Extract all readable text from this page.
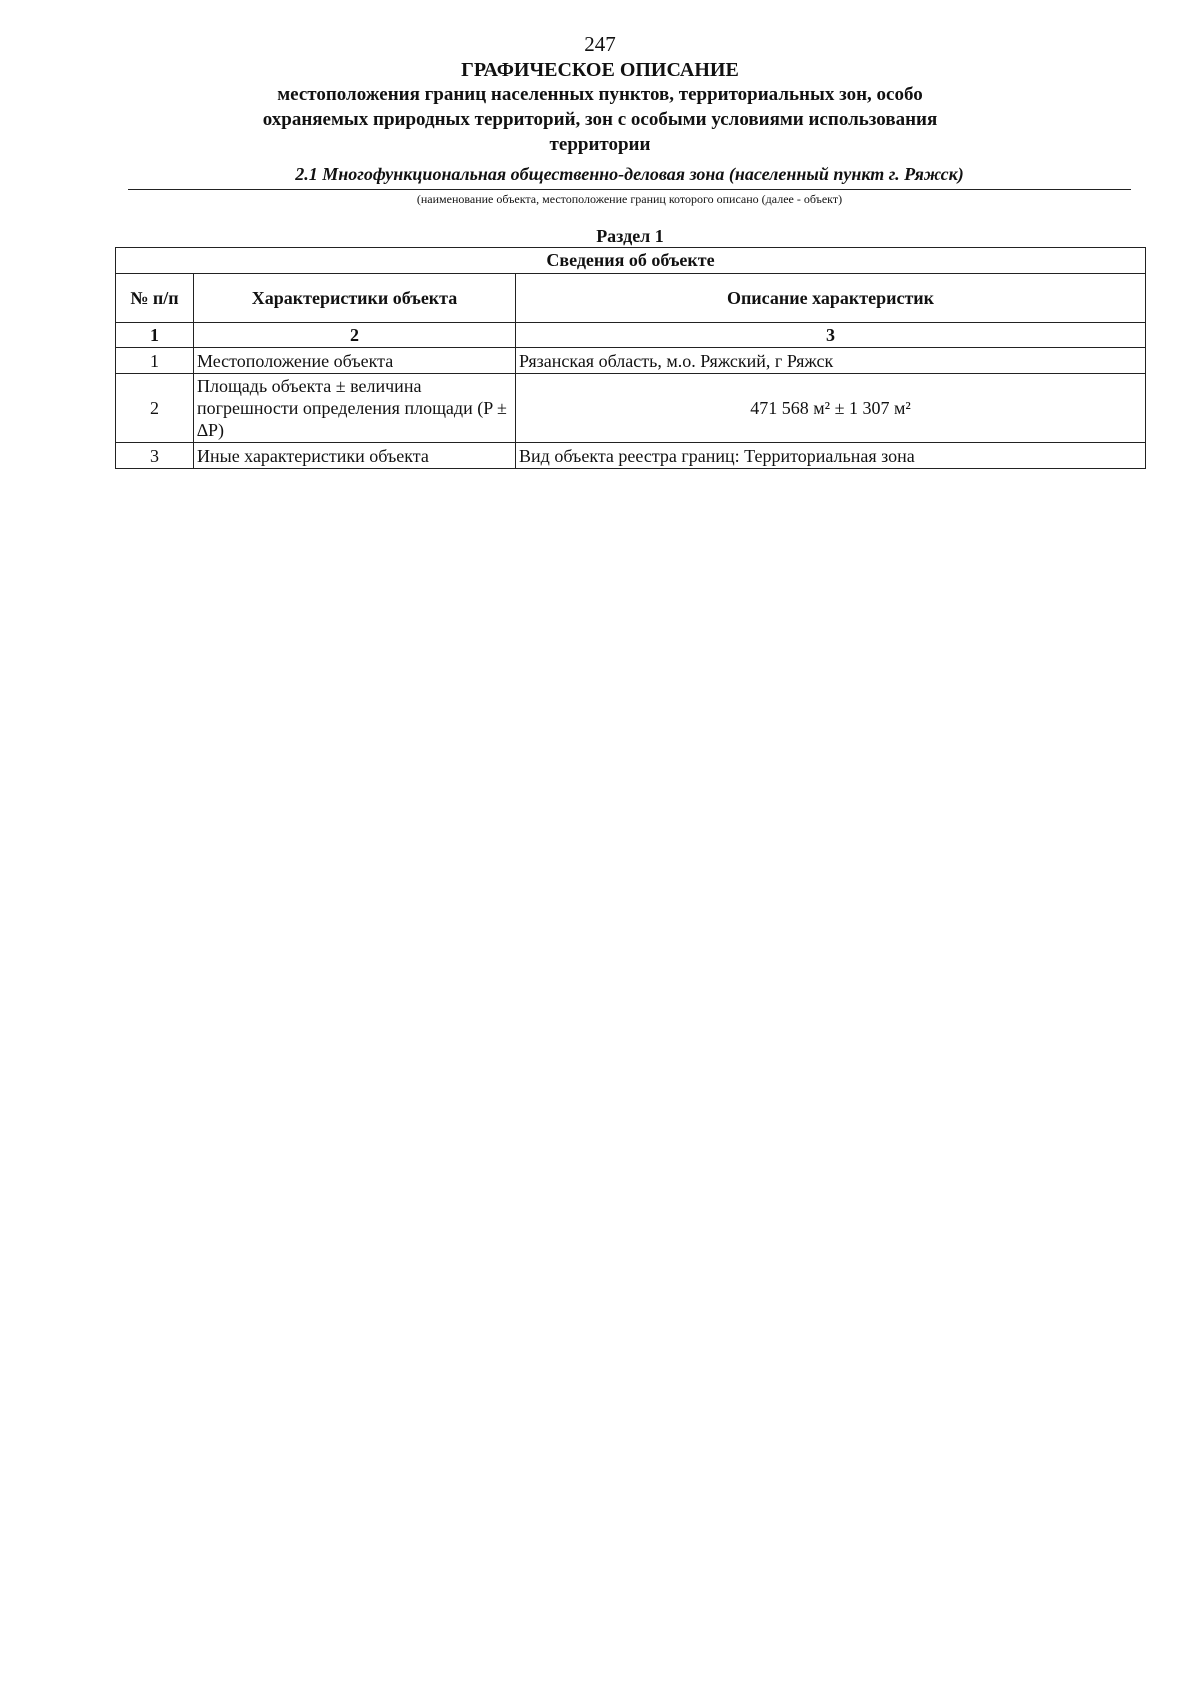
247
ГРАФИЧЕСКОЕ ОПИСАНИЕ
местоположения границ населенных пунктов, территориальных зон, особо охраняемых природных территорий, зон с особыми условиями использования территории
2.1 Многофункциональная общественно-деловая зона (населенный пункт г. Ряжск)
(наименование объекта, местоположение границ которого описано (далее - объект)
Раздел 1
Сведения об объекте		
№ п/п	Характеристики объекта	Описание характеристик
1	2	3
1	Местоположение объекта	Рязанская область, м.о. Ряжский, г Ряжск
2	Площадь объекта ± величина погрешности определения площади (P ± ∆P)	471 568 м² ± 1 307 м²
3	Иные характеристики объекта	Вид объекта реестра границ: Территориальная зона
